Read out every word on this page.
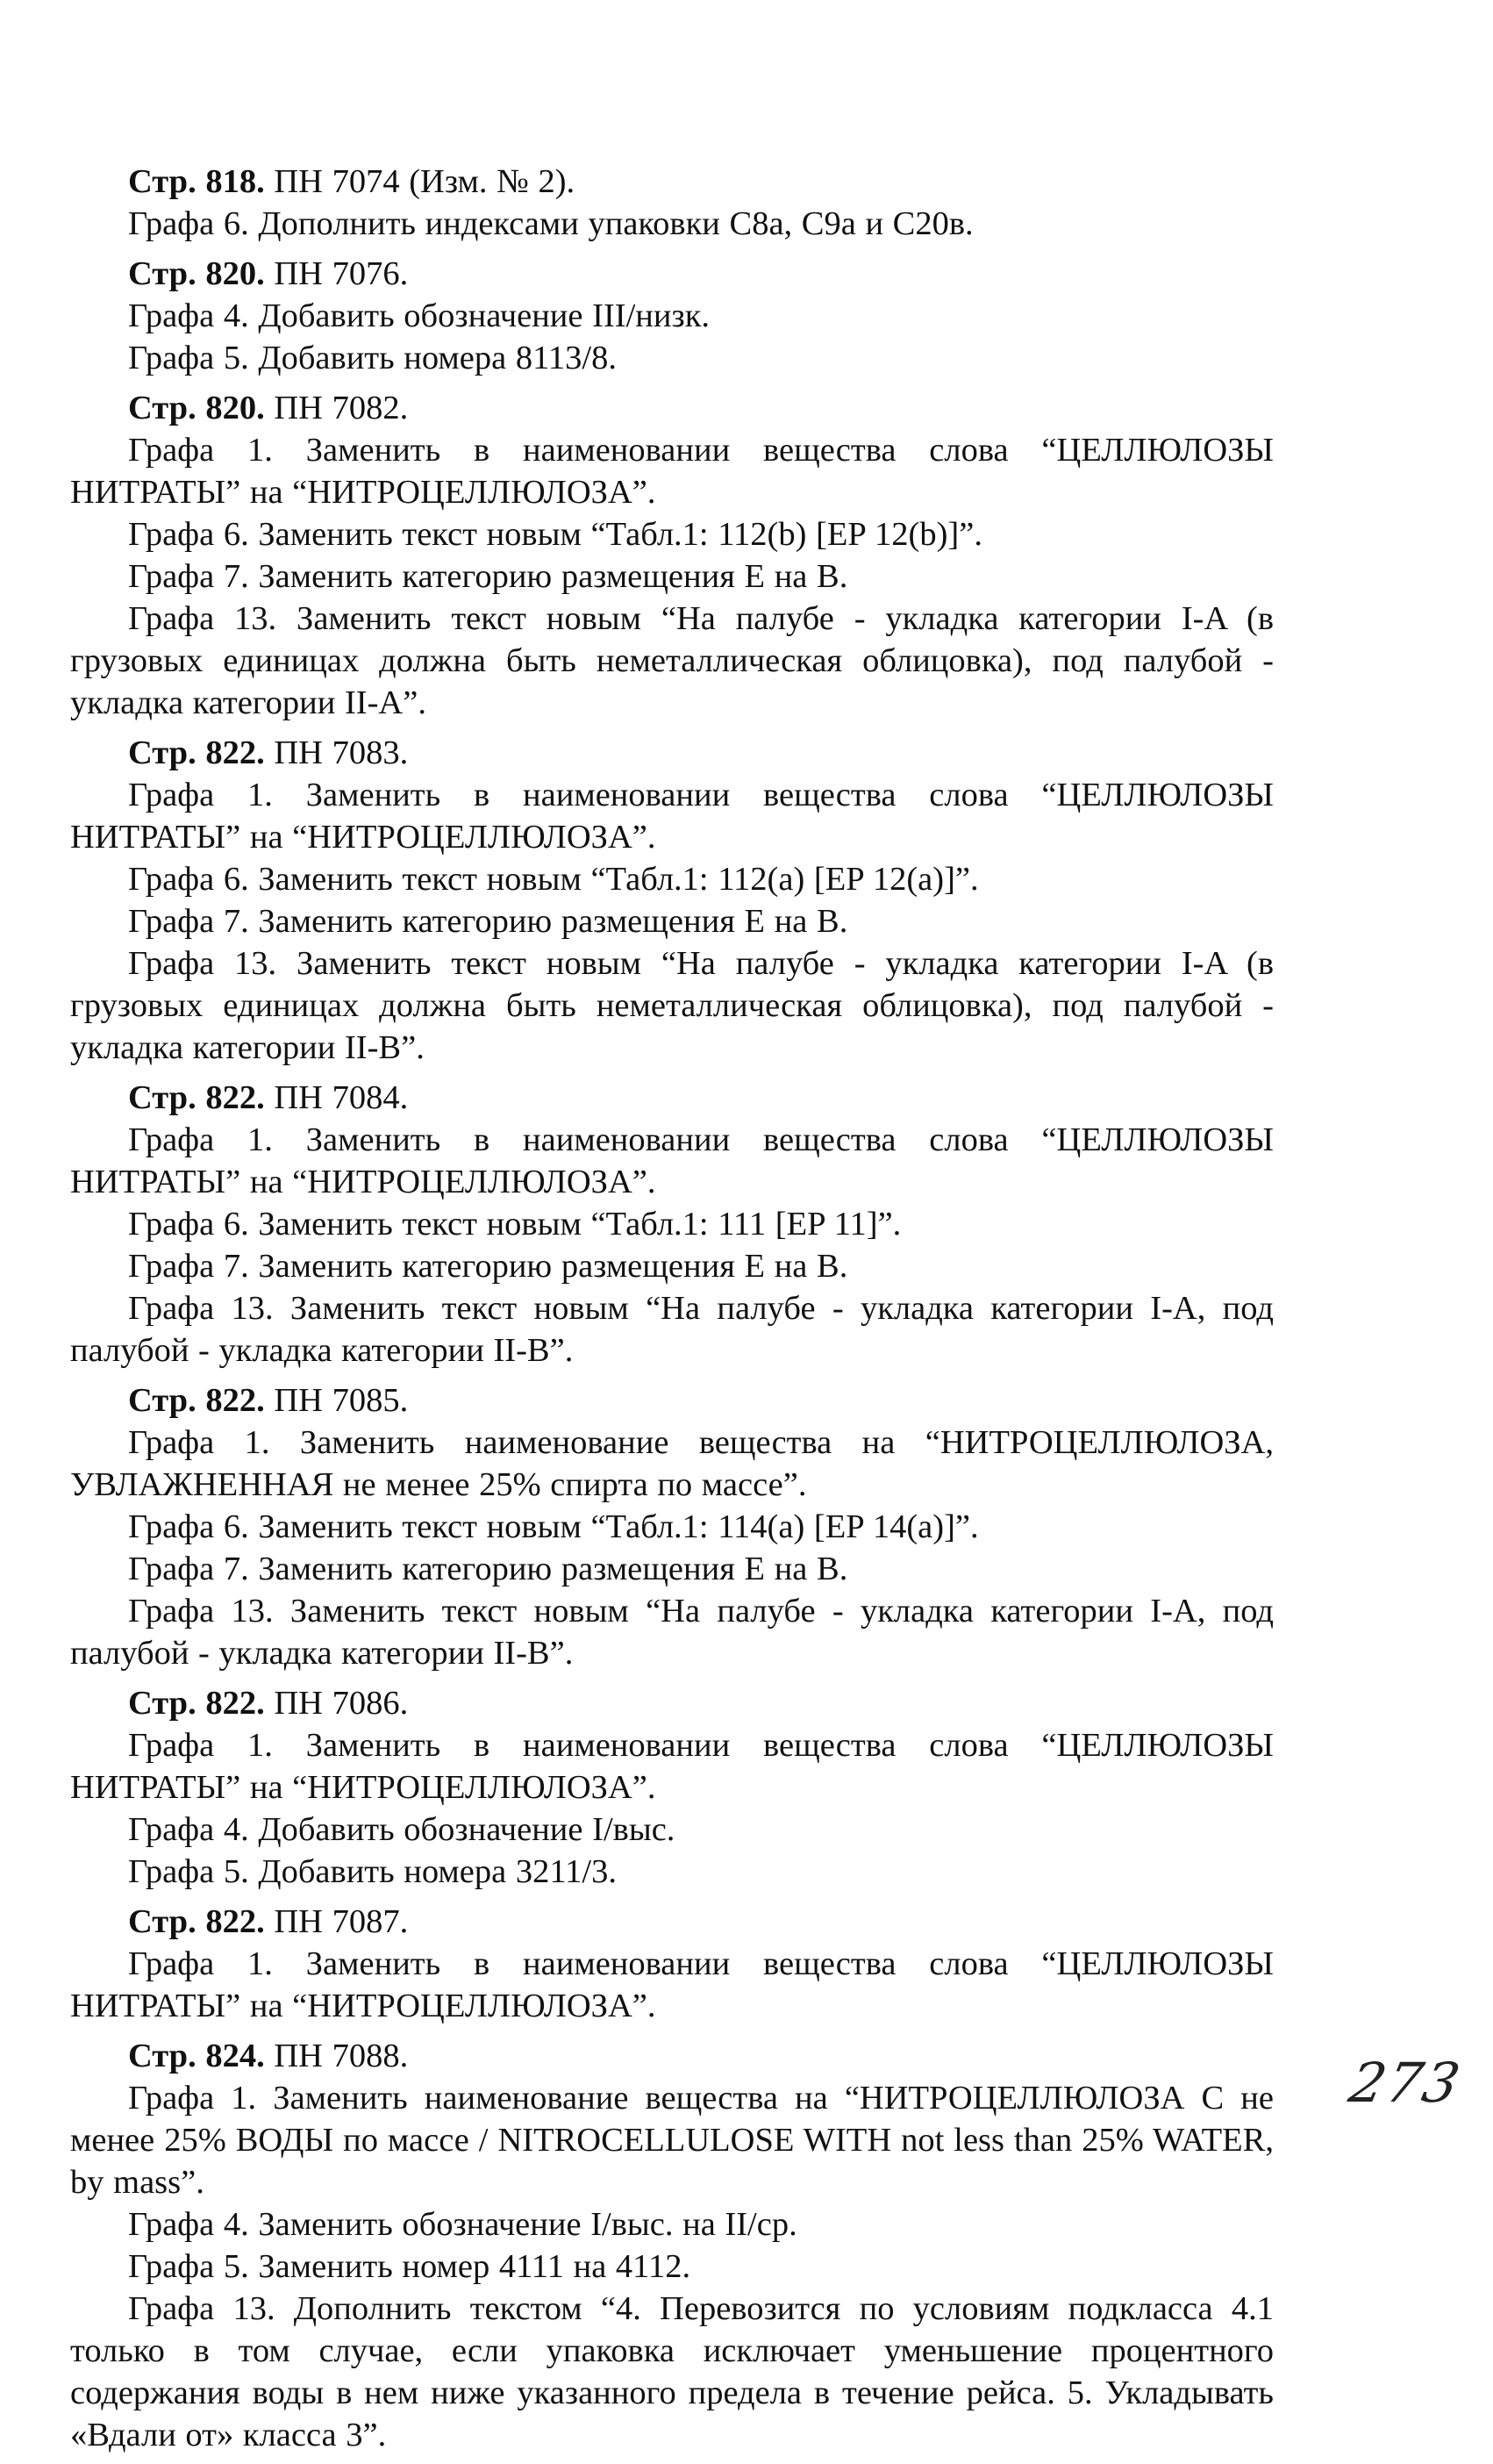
Стр. 818. ПН 7074 (Изм. № 2).
Графа 6. Дополнить индексами упаковки С8а, С9а и С20в.
Стр. 820. ПН 7076.
Графа 4. Добавить обозначение III/низк.
Графа 5. Добавить номера 8113/8.
Стр. 820. ПН 7082.
Графа 1. Заменить в наименовании вещества слова “ЦЕЛЛЮЛОЗЫ НИТРАТЫ” на “НИТРОЦЕЛЛЮЛОЗА”.
Графа 6. Заменить текст новым “Табл.1: 112(b) [EP 12(b)]”.
Графа 7. Заменить категорию размещения Е на В.
Графа 13. Заменить текст новым “На палубе - укладка категории I-A (в грузовых единицах должна быть неметаллическая облицовка), под палубой - укладка категории II-A”.
Стр. 822. ПН 7083.
Графа 1. Заменить в наименовании вещества слова “ЦЕЛЛЮЛОЗЫ НИТРАТЫ” на “НИТРОЦЕЛЛЮЛОЗА”.
Графа 6. Заменить текст новым “Табл.1: 112(a) [EP 12(a)]”.
Графа 7. Заменить категорию размещения Е на В.
Графа 13. Заменить текст новым “На палубе - укладка категории I-A (в грузовых единицах должна быть неметаллическая облицовка), под палубой - укладка категории II-B”.
Стр. 822. ПН 7084.
Графа 1. Заменить в наименовании вещества слова “ЦЕЛЛЮЛОЗЫ НИТРАТЫ” на “НИТРОЦЕЛЛЮЛОЗА”.
Графа 6. Заменить текст новым “Табл.1: 111 [EP 11]”.
Графа 7. Заменить категорию размещения Е на В.
Графа 13. Заменить текст новым “На палубе - укладка категории I-A, под палубой - укладка категории II-B”.
Стр. 822. ПН 7085.
Графа 1. Заменить наименование вещества на “НИТРОЦЕЛЛЮЛОЗА, УВЛАЖНЕННАЯ не менее 25% спирта по массе”.
Графа 6. Заменить текст новым “Табл.1: 114(a) [EP 14(a)]”.
Графа 7. Заменить категорию размещения Е на В.
Графа 13. Заменить текст новым “На палубе - укладка категории I-A, под палубой - укладка категории II-B”.
Стр. 822. ПН 7086.
Графа 1. Заменить в наименовании вещества слова “ЦЕЛЛЮЛОЗЫ НИТРАТЫ” на “НИТРОЦЕЛЛЮЛОЗА”.
Графа 4. Добавить обозначение I/выс.
Графа 5. Добавить номера 3211/3.
Стр. 822. ПН 7087.
Графа 1. Заменить в наименовании вещества слова “ЦЕЛЛЮЛОЗЫ НИТРАТЫ” на “НИТРОЦЕЛЛЮЛОЗА”.
Стр. 824. ПН 7088.
Графа 1. Заменить наименование вещества на “НИТРОЦЕЛЛЮЛОЗА С не менее 25% ВОДЫ по массе / NITROCELLULOSE WITH not less than 25% WATER, by mass”.
Графа 4. Заменить обозначение I/выс. на II/ср.
Графа 5. Заменить номер 4111 на 4112.
Графа 13. Дополнить текстом “4. Перевозится по условиям подкласса 4.1 только в том случае, если упаковка исключает уменьшение процентного содержания воды в нем ниже указанного предела в течение рейса. 5. Укладывать «Вдали от» класса 3”.
273
